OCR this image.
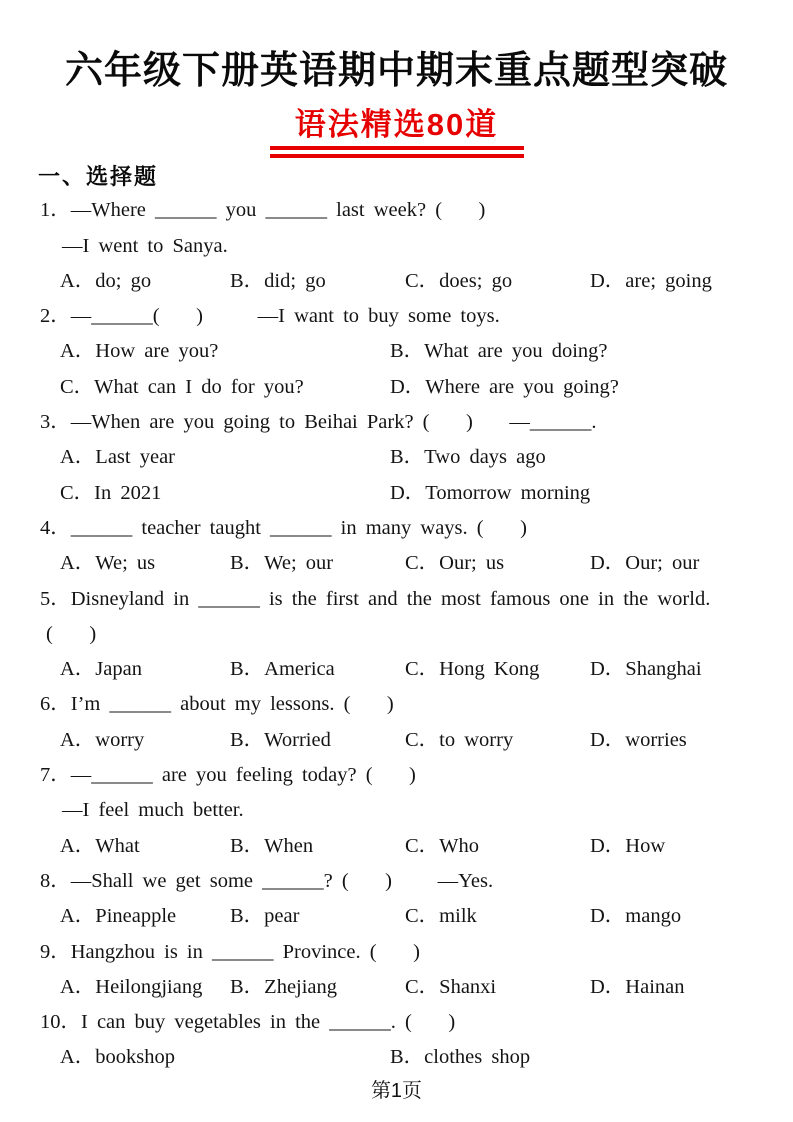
六年级下册英语期中期末重点题型突破
语法精选80道
一、选择题
1．—Where ______ you ______ last week? (    )
—I went to Sanya.
A．do; go	B．did; go	C．does; go	D．are; going
2．—______(    )      —I want to buy some toys.
A．How are you?	B．What are you doing?
C．What can I do for you?	D．Where are you going?
3．—When are you going to Beihai Park? (    )    —______.
A．Last year	B．Two days ago
C．In 2021	D．Tomorrow morning
4．______ teacher taught ______ in many ways. (    )
A．We; us	B．We; our	C．Our; us	D．Our; our
5．Disneyland in ______ is the first and the most famous one in the world.
(    )
A．Japan	B．America	C．Hong Kong	D．Shanghai
6．I’m ______ about my lessons. (    )
A．worry	B．Worried	C．to worry	D．worries
7．—______ are you feeling today? (    )
—I feel much better.
A．What	B．When	C．Who	D．How
8．—Shall we get some ______? (    )     —Yes.
A．Pineapple	B．pear	C．milk	D．mango
9．Hangzhou is in ______ Province. (    )
A．Heilongjiang	B．Zhejiang	C．Shanxi	D．Hainan
10．I can buy vegetables in the ______. (    )
A．bookshop	B．clothes shop
第1页
